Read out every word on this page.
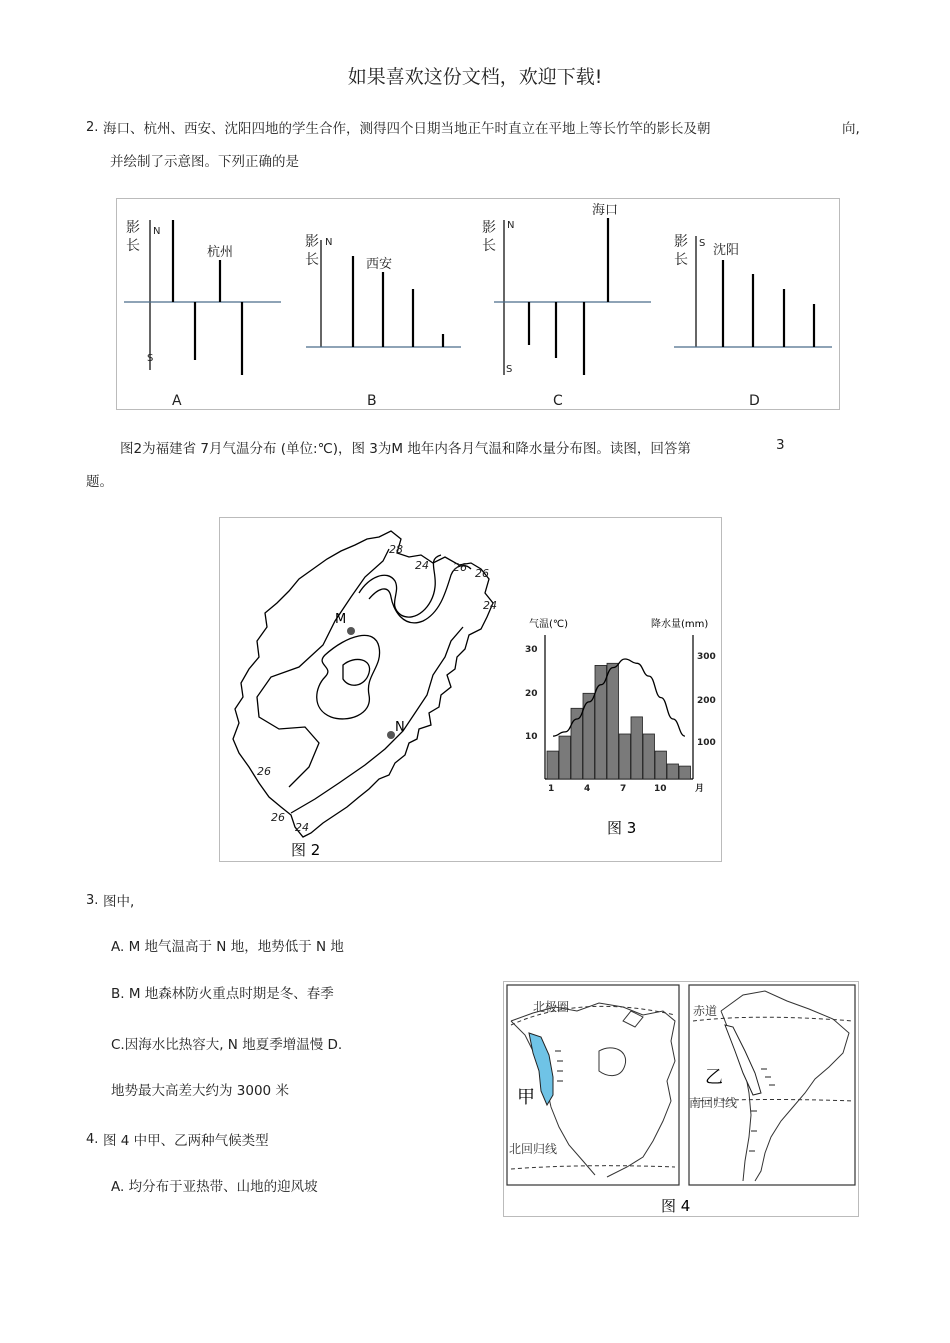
如果喜欢这份文档，欢迎下载!
2. 海口、杭州、西安、沈阳四地的学生合作，测得四个日期当地正午时直立在平地上等长竹竿的影长及朝	向,
并绘制了示意图。下列正确的是
影
长	影
长
影
长	影
长
N
S
N
N
S
S
杭州
西安
海口
沈阳
A	B	C	D
图2为福建省 7月气温分布 (单位:℃)，图 3为M 地年内各月气温和降水量分布图。读图，回答第	3
题。
M
N
28
24 26 26
24
26
26
24
图 2
30
20
10
300
200
100
1	4	7	10	月
气温(℃)	降水量(mm)
图 3
3. 图中,
A. M 地气温高于 N 地，地势低于 N 地
B. M 地森林防火重点时期是冬、春季
C.因海水比热容大, N 地夏季增温慢 D.
地势最大高差大约为 3000 米
4. 图 4 中甲、乙两种气候类型
A. 均分布于亚热带、山地的迎风坡
北极圈
甲
北回归线
赤道
乙
南回归线
图 4
